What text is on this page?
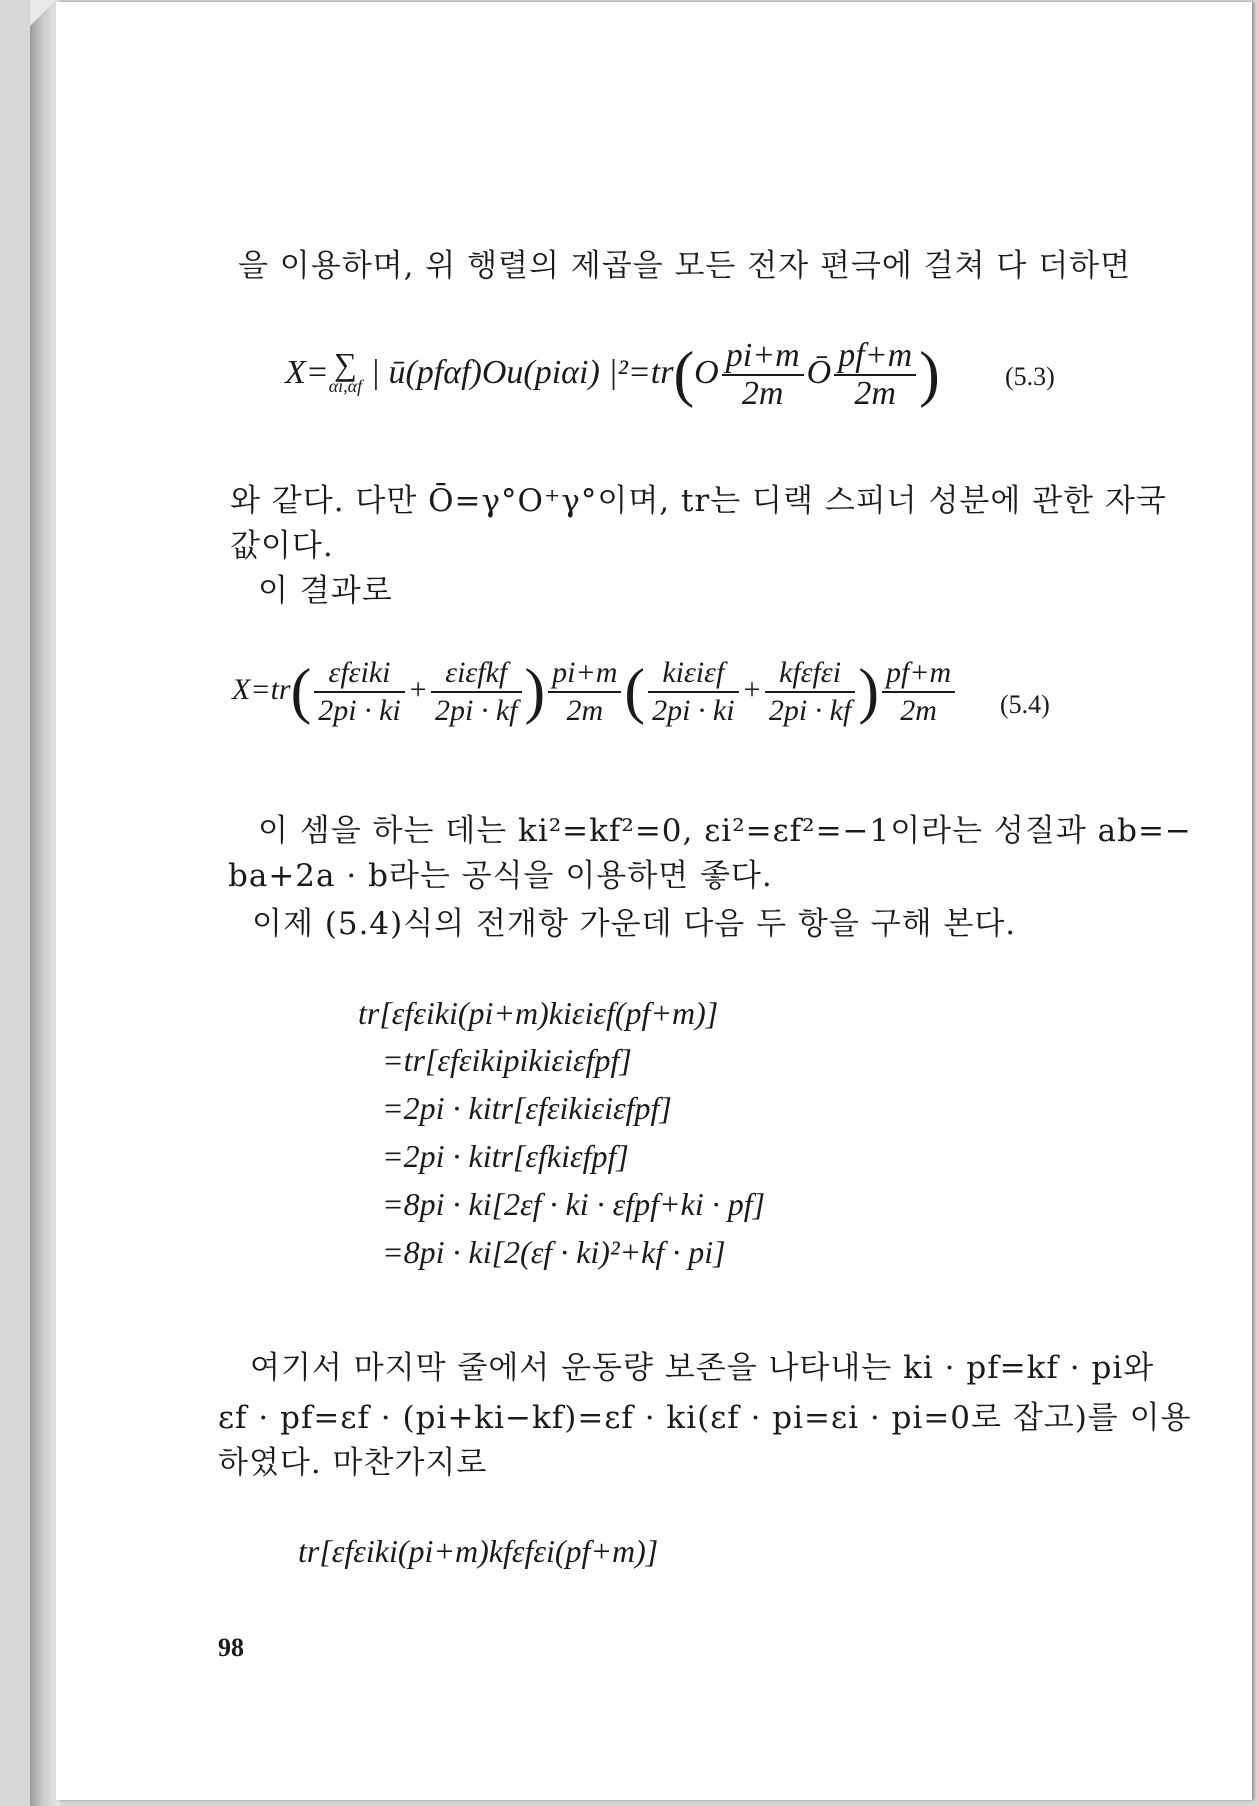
을 이용하며, 위 행렬의 제곱을 모든 전자 편극에 걸쳐 다 더하면
X= ∑
αi,αf | ū(pfαf)Ou(piαi) $|^2=tr(O \frac{pi+m}{2m}$ Ō $\frac{pf+m}{2m}$ )	(5.3)
와 같다. 다만 Ō=γ°O⁺γ°이며, tr는 디랙 스피너 성분에 관한 자국
값이다.
이 결과로
$X=tr( \frac{\text{ɛfɛiki}}{2pi \cdot ki} + \frac{\text{ɛiɛfkf}}{2pi \cdot kf}$ ) $\frac{pi+m}{2m}$ ( $\frac{\text{kiɛiɛf}}{2pi \cdot ki} + \frac{\text{kfɛfɛi}}{2pi \cdot kf}$ ) $\frac{pf+m}{2m} (5.4)$
이 셈을 하는 데는 ki²=kf²=0, εi²=εf²=−1이라는 성질과 ab=−
ba+2a · b라는 공식을 이용하면 좋다.
이제 (5.4)식의 전개항 가운데 다음 두 항을 구해 본다.
tr[ɛfɛiki(pi+m)kiɛiɛf(pf+m)]
=tr[ɛfɛikipikiɛiɛfpf]
=2pi · kitr[ɛfɛikiɛiɛfpf]
=2pi · kitr[ɛfkiɛfpf]
=8pi · ki[2εf · ki · εfpf+ki · pf]
=8pi · ki[2(εf · ki)²+kf · pi]
여기서 마지막 줄에서 운동량 보존을 나타내는 ki · pf=kf · pi와
εf · pf=εf · (pi+ki−kf)=εf · ki(εf · pi=εi · pi=0로 잡고)를 이용
하였다. 마찬가지로
tr[ɛfɛiki(pi+m)kfɛfɛi(pf+m)]
98
